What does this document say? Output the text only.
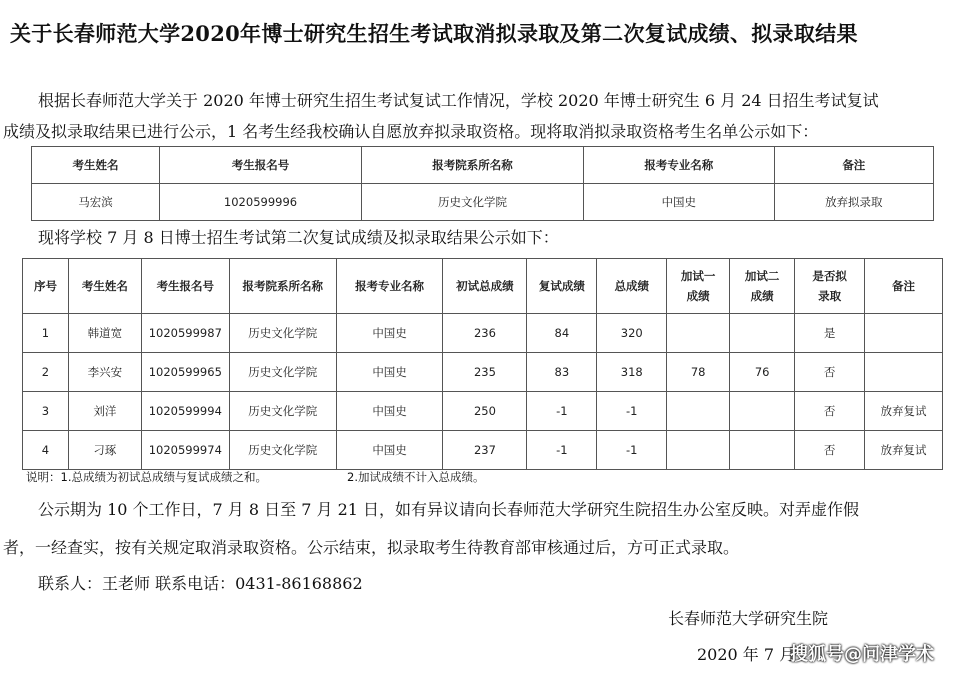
关于长春师范大学2020年博士研究生招生考试取消拟录取及第二次复试成绩、拟录取结果
根据长春师范大学关于 2020 年博士研究生招生考试复试工作情况，学校 2020 年博士研究生 6 月 24 日招生考试复试
成绩及拟录取结果已进行公示，1 名考生经我校确认自愿放弃拟录取资格。现将取消拟录取资格考生名单公示如下：
考生姓名	考生报名号	报考院系所名称	报考专业名称	备注
马宏滨	1020599996	历史文化学院	中国史	放弃拟录取
现将学校 7 月 8 日博士招生考试第二次复试成绩及拟录取结果公示如下：
序号	考生姓名	考生报名号	报考院系所名称	报考专业名称	初试总成绩	复试成绩	总成绩	加试一成绩	加试二成绩	是否拟录取	备注
1	韩道宽	1020599987	历史文化学院	中国史	236	84	320			是	
2	李兴安	1020599965	历史文化学院	中国史	235	83	318	78	76	否	
3	刘洋	1020599994	历史文化学院	中国史	250	-1	-1			否	放弃复试
4	刁琢	1020599974	历史文化学院	中国史	237	-1	-1			否	放弃复试
说明：1.总成绩为初试总成绩与复试成绩之和。	2.加试成绩不计入总成绩。
公示期为 10 个工作日，7 月 8 日至 7 月 21 日，如有异议请向长春师范大学研究生院招生办公室反映。对弄虚作假
者，一经查实，按有关规定取消录取资格。公示结束，拟录取考生待教育部审核通过后，方可正式录取。
联系人：王老师 联系电话：0431-86168862
长春师范大学研究生院
2020 年 7 月
搜狐号@问津学术
